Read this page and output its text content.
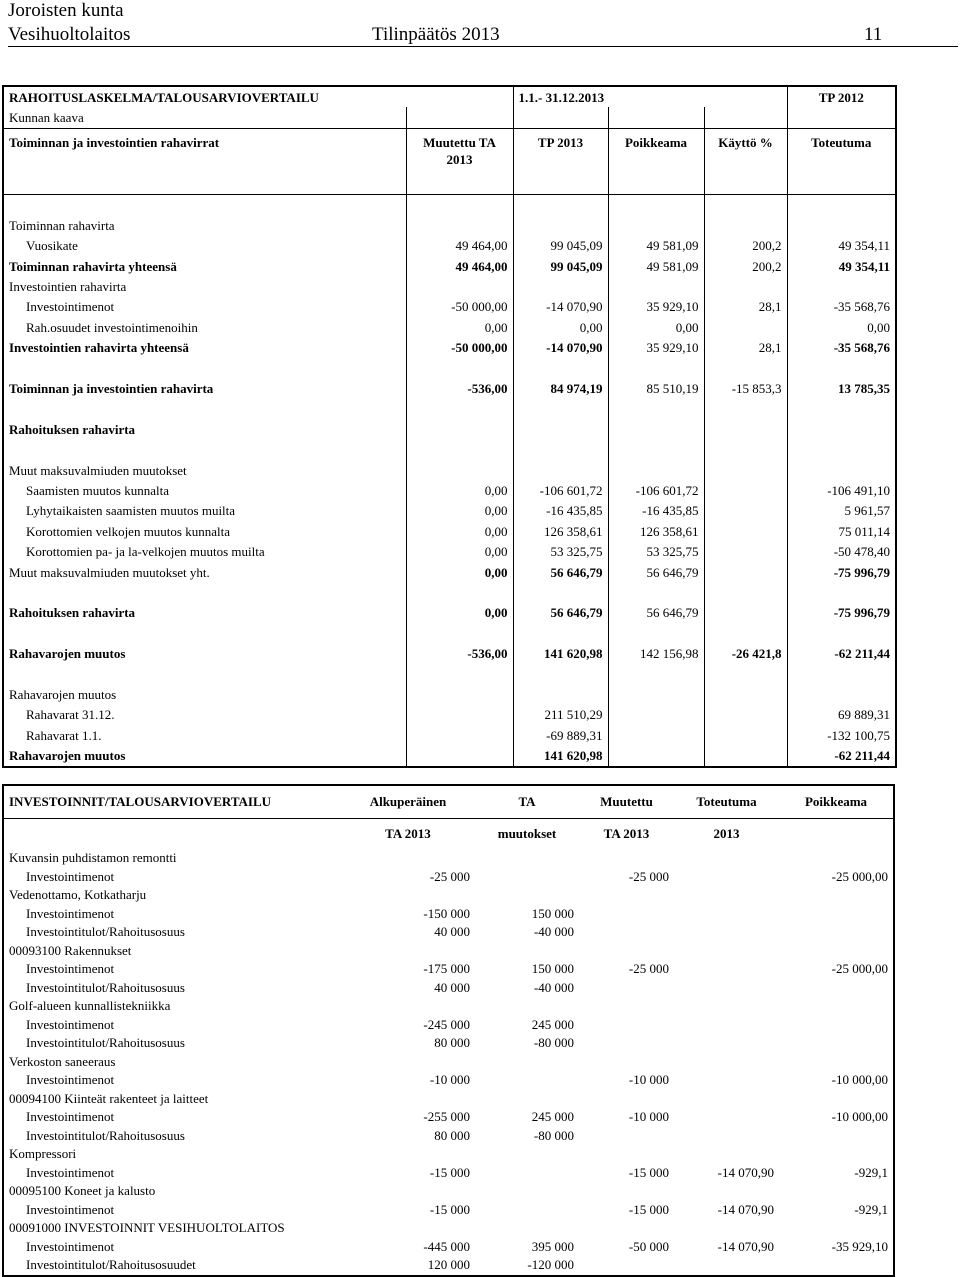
Joroisten kunta
Vesihuoltolaitos	Tilinpäätös 2013	11
RAHOITUSLASKELMA/TALOUSARVIOVERTAILU		1.1.- 31.12.2013			TP 2012
Kunnan kaava					
Toiminnan ja investointien rahavirrat	Muutettu TA 2013	TP 2013	Poikkeama	Käyttö %	Toteutuma

Toiminnan rahavirta					
Vuosikate	49 464,00	99 045,09	49 581,09	200,2	49 354,11
Toiminnan rahavirta yhteensä	49 464,00	99 045,09	49 581,09	200,2	49 354,11
Investointien rahavirta					
Investointimenot	-50 000,00	-14 070,90	35 929,10	28,1	-35 568,76
Rah.osuudet investointimenoihin	0,00	0,00	0,00		0,00
Investointien rahavirta yhteensä	-50 000,00	-14 070,90	35 929,10	28,1	-35 568,76

Toiminnan ja investointien rahavirta	-536,00	84 974,19	85 510,19	-15 853,3	13 785,35

Rahoituksen rahavirta					

Muut maksuvalmiuden muutokset					
Saamisten muutos kunnalta	0,00	-106 601,72	-106 601,72		-106 491,10
Lyhytaikaisten saamisten muutos muilta	0,00	-16 435,85	-16 435,85		5 961,57
Korottomien velkojen muutos kunnalta	0,00	126 358,61	126 358,61		75 011,14
Korottomien pa- ja la-velkojen muutos muilta	0,00	53 325,75	53 325,75		-50 478,40
Muut maksuvalmiuden muutokset yht.	0,00	56 646,79	56 646,79		-75 996,79

Rahoituksen rahavirta	0,00	56 646,79	56 646,79		-75 996,79

Rahavarojen muutos	-536,00	141 620,98	142 156,98	-26 421,8	-62 211,44

Rahavarojen muutos					
Rahavarat 31.12.		211 510,29			69 889,31
Rahavarat 1.1.		-69 889,31			-132 100,75
Rahavarojen muutos		141 620,98			-62 211,44
INVESTOINNIT/TALOUSARVIOVERTAILU	Alkuperäinen	TA	Muutettu	Toteutuma	Poikkeama
	TA 2013	muutokset	TA 2013	2013	
Kuvansin puhdistamon remontti					
Investointimenot	-25 000		-25 000		-25 000,00
Vedenottamo, Kotkatharju					
Investointimenot	-150 000	150 000			
Investointitulot/Rahoitusosuus	40 000	-40 000			
00093100 Rakennukset					
Investointimenot	-175 000	150 000	-25 000		-25 000,00
Investointitulot/Rahoitusosuus	40 000	-40 000			
Golf-alueen kunnallistekniikka					
Investointimenot	-245 000	245 000			
Investointitulot/Rahoitusosuus	80 000	-80 000			
Verkoston saneeraus					
Investointimenot	-10 000		-10 000		-10 000,00
00094100 Kiinteät rakenteet ja laitteet					
Investointimenot	-255 000	245 000	-10 000		-10 000,00
Investointitulot/Rahoitusosuus	80 000	-80 000			
Kompressori					
Investointimenot	-15 000		-15 000	-14 070,90	-929,1
00095100 Koneet ja kalusto					
Investointimenot	-15 000		-15 000	-14 070,90	-929,1
00091000 INVESTOINNIT VESIHUOLTOLAITOS					
Investointimenot	-445 000	395 000	-50 000	-14 070,90	-35 929,10
Investointitulot/Rahoitusosuudet	120 000	-120 000			
